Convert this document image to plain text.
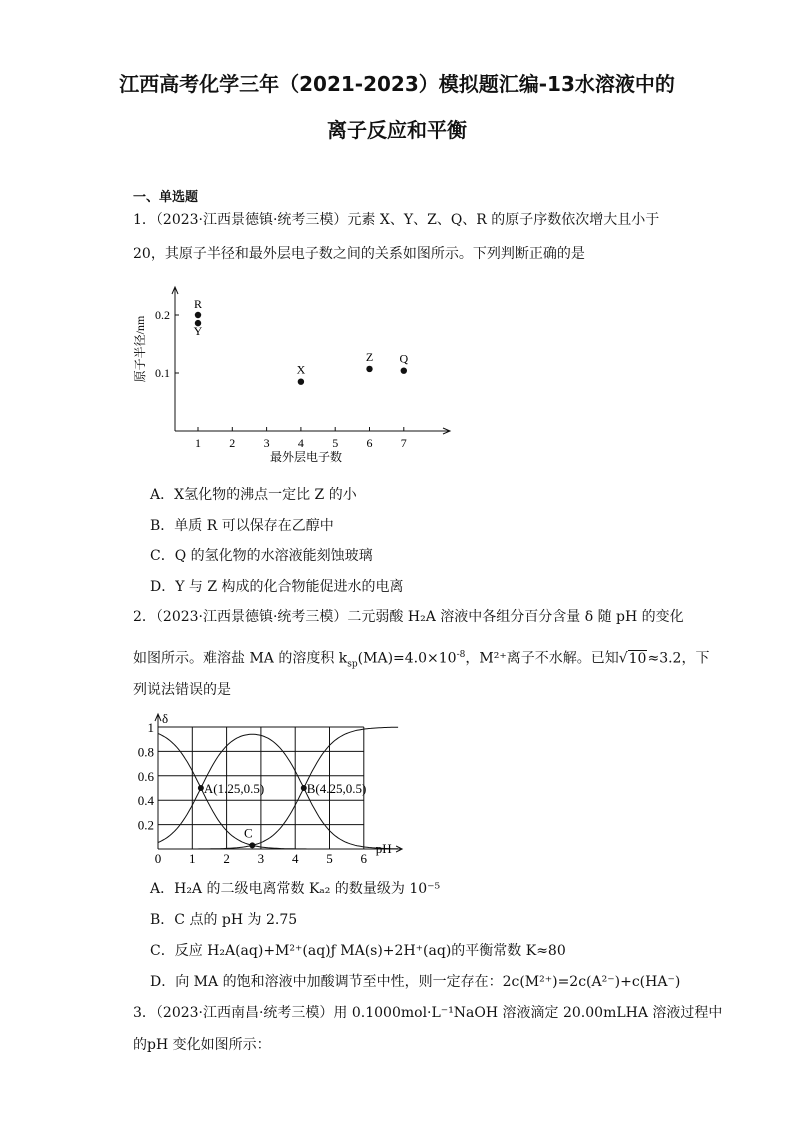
江西高考化学三年（2021-2023）模拟题汇编-13水溶液中的
离子反应和平衡
一、单选题
1．（2023·江西景德镇·统考三模）元素 X、Y、Z、Q、R 的原子序数依次增大且小于
20，其原子半径和最外层电子数之间的关系如图所示。下列判断正确的是
1 2 3 4 5 6 7
0.1
0.2
R
Y
X
Z Q
最外层电子数
原子半径/nm
A．X氢化物的沸点一定比 Z 的小
B．单质 R 可以保存在乙醇中
C．Q 的氢化物的水溶液能刻蚀玻璃
D．Y 与 Z 构成的化合物能促进水的电离
2．（2023·江西景德镇·统考三模）二元弱酸 H₂A 溶液中各组分百分含量 δ 随 pH 的变化
如图所示。难溶盐 MA 的溶度积 $k_{sp}(MA)=4.0\times 10^{-8}$，M²⁺离子不水解。已知√10≈3.2，下
列说法错误的是
0 1 2 3 4 5 6
0.2
0.4
0.6
0.8
1
δ
pH
A(1.25,0.5)	B(4.25,0.5)
C
A．H₂A 的二级电离常数 Kₐ₂ 的数量级为 10⁻⁵
B．C 点的 pH 为 2.75
C．反应 H₂A(aq)+M²⁺(aq)ƒ MA(s)+2H⁺(aq)的平衡常数 K≈80
D．向 MA 的饱和溶液中加酸调节至中性，则一定存在：2c(M²⁺)=2c(A²⁻)+c(HA⁻)
3．（2023·江西南昌·统考三模）用 0.1000mol·L⁻¹NaOH 溶液滴定 20.00mLHA 溶液过程中
的pH 变化如图所示：
